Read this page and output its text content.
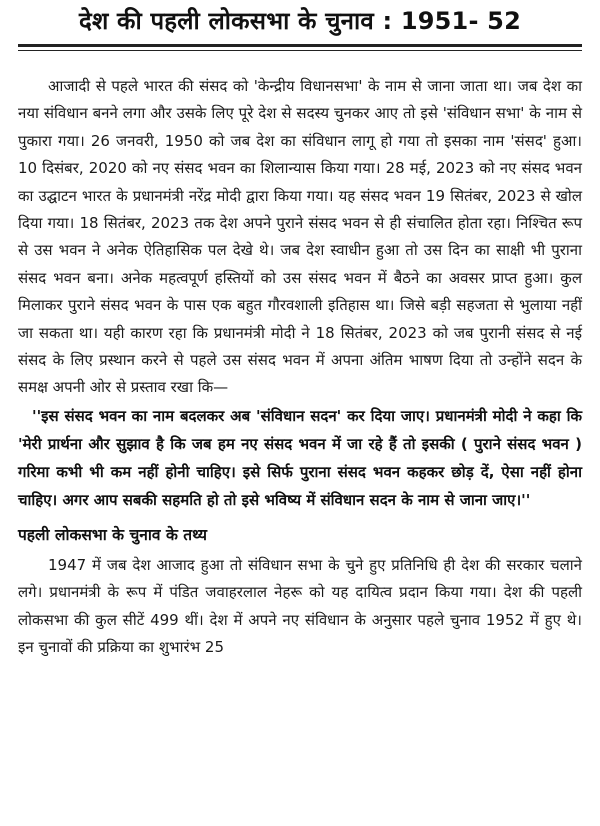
देश की पहली लोकसभा के चुनाव : 1951- 52

आजादी से पहले भारत की संसद को 'केन्द्रीय विधानसभा' के नाम से जाना जाता था। जब देश का नया संविधान बनने लगा और उसके लिए पूरे देश से सदस्य चुनकर आए तो इसे 'संविधान सभा' के नाम से पुकारा गया। 26 जनवरी, 1950 को जब देश का संविधान लागू हो गया तो इसका नाम 'संसद' हुआ। 10 दिसंबर, 2020 को नए संसद भवन का शिलान्यास किया गया। 28 मई, 2023 को नए संसद भवन का उद्घाटन भारत के प्रधानमंत्री नरेंद्र मोदी द्वारा किया गया। यह संसद भवन 19 सितंबर, 2023 से खोल दिया गया। 18 सितंबर, 2023 तक देश अपने पुराने संसद भवन से ही संचालित होता रहा। निश्चित रूप से उस भवन ने अनेक ऐतिहासिक पल देखे थे। जब देश स्वाधीन हुआ तो उस दिन का साक्षी भी पुराना संसद भवन बना। अनेक महत्वपूर्ण हस्तियों को उस संसद भवन में बैठने का अवसर प्राप्त हुआ। कुल मिलाकर पुराने संसद भवन के पास एक बहुत गौरवशाली इतिहास था। जिसे बड़ी सहजता से भुलाया नहीं जा सकता था। यही कारण रहा कि प्रधानमंत्री मोदी ने 18 सितंबर, 2023 को जब पुरानी संसद से नई संसद के लिए प्रस्थान करने से पहले उस संसद भवन में अपना अंतिम भाषण दिया तो उन्होंने सदन के समक्ष अपनी ओर से प्रस्ताव रखा कि—

''इस संसद भवन का नाम बदलकर अब 'संविधान सदन' कर दिया जाए। प्रधानमंत्री मोदी ने कहा कि 'मेरी प्रार्थना और सुझाव है कि जब हम नए संसद भवन में जा रहे हैं तो इसकी ( पुराने संसद भवन ) गरिमा कभी भी कम नहीं होनी चाहिए। इसे सिर्फ पुराना संसद भवन कहकर छोड़ दें, ऐसा नहीं होना चाहिए। अगर आप सबकी सहमति हो तो इसे भविष्य में संविधान सदन के नाम से जाना जाए।''

पहली लोकसभा के चुनाव के तथ्य

1947 में जब देश आजाद हुआ तो संविधान सभा के चुने हुए प्रतिनिधि ही देश की सरकार चलाने लगे। प्रधानमंत्री के रूप में पंडित जवाहरलाल नेहरू को यह दायित्व प्रदान किया गया। देश की पहली लोकसभा की कुल सीटें 499 थीं। देश में अपने नए संविधान के अनुसार पहले चुनाव 1952 में हुए थे। इन चुनावों की प्रक्रिया का शुभारंभ 25
